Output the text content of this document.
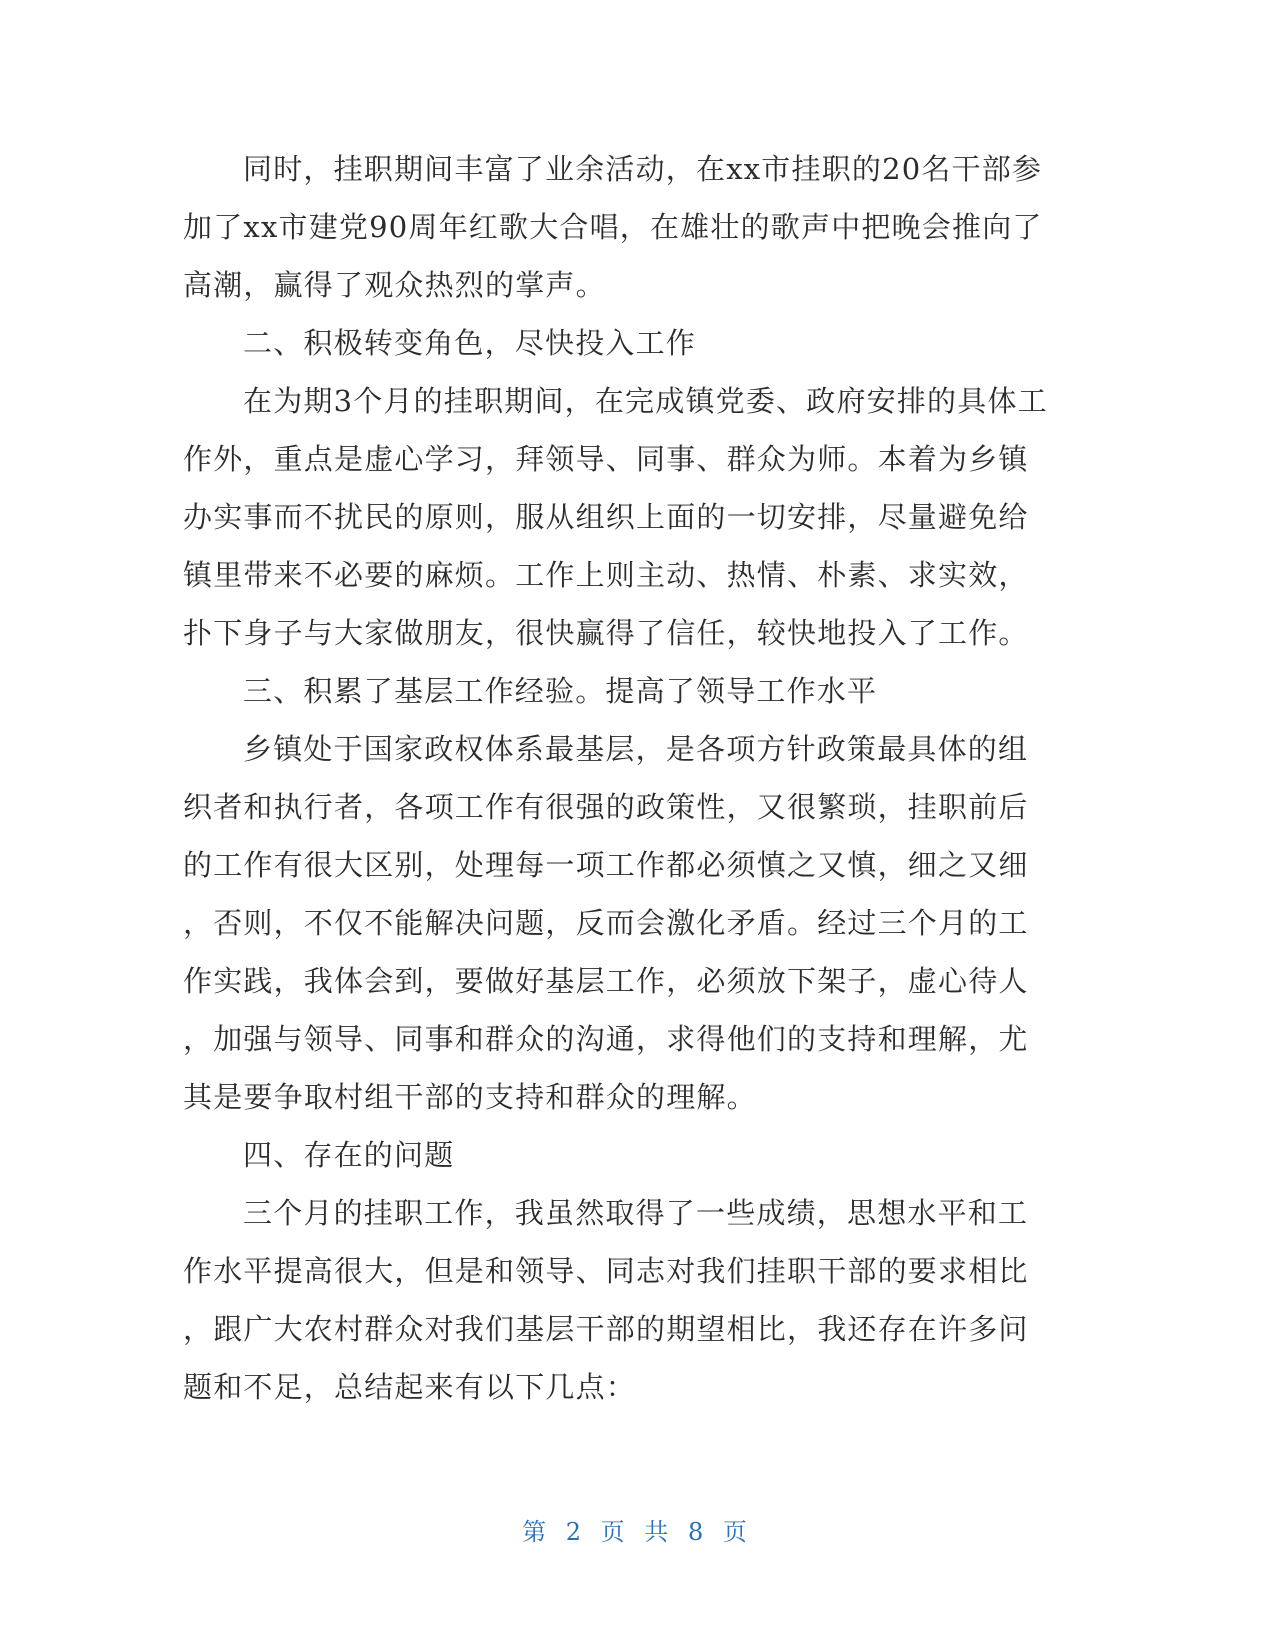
同时，挂职期间丰富了业余活动，在xx市挂职的20名干部参
加了xx市建党90周年红歌大合唱，在雄壮的歌声中把晚会推向了
高潮，赢得了观众热烈的掌声。
二、积极转变角色，尽快投入工作
在为期3个月的挂职期间，在完成镇党委、政府安排的具体工
作外，重点是虚心学习，拜领导、同事、群众为师。本着为乡镇
办实事而不扰民的原则，服从组织上面的一切安排，尽量避免给
镇里带来不必要的麻烦。工作上则主动、热情、朴素、求实效，
扑下身子与大家做朋友，很快赢得了信任，较快地投入了工作。
三、积累了基层工作经验。提高了领导工作水平
乡镇处于国家政权体系最基层，是各项方针政策最具体的组
织者和执行者，各项工作有很强的政策性，又很繁琐，挂职前后
的工作有很大区别，处理每一项工作都必须慎之又慎，细之又细
，否则，不仅不能解决问题，反而会激化矛盾。经过三个月的工
作实践，我体会到，要做好基层工作，必须放下架子，虚心待人
，加强与领导、同事和群众的沟通，求得他们的支持和理解，尤
其是要争取村组干部的支持和群众的理解。
四、存在的问题
三个月的挂职工作，我虽然取得了一些成绩，思想水平和工
作水平提高很大，但是和领导、同志对我们挂职干部的要求相比
，跟广大农村群众对我们基层干部的期望相比，我还存在许多问
题和不足，总结起来有以下几点：
第 2 页 共 8 页
